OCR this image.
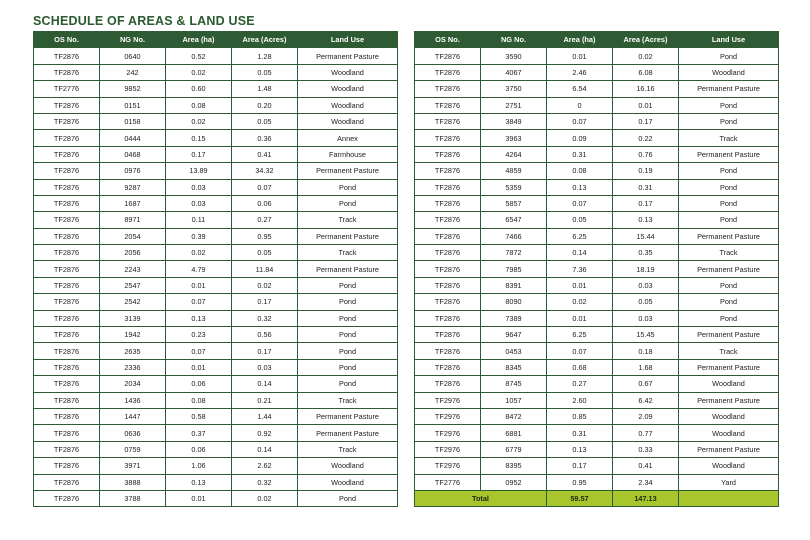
SCHEDULE OF AREAS & LAND USE
OS No.	NG No.	Area (ha)	Area (Acres)	Land Use
TF2876	0640	0.52	1.28	Permanent Pasture
TF2876	242	0.02	0.05	Woodland
TF2776	9852	0.60	1.48	Woodland
TF2876	0151	0.08	0.20	Woodland
TF2876	0158	0.02	0.05	Woodland
TF2876	0444	0.15	0.36	Annex
TF2876	0468	0.17	0.41	Farmhouse
TF2876	0976	13.89	34.32	Permanent Pasture
TF2876	9287	0.03	0.07	Pond
TF2876	1687	0.03	0.06	Pond
TF2876	8971	0.11	0.27	Track
TF2876	2054	0.39	0.95	Permanent Pasture
TF2876	2056	0.02	0.05	Track
TF2876	2243	4.79	11.84	Permanent Pasture
TF2876	2547	0.01	0.02	Pond
TF2876	2542	0.07	0.17	Pond
TF2876	3139	0.13	0.32	Pond
TF2876	1942	0.23	0.56	Pond
TF2876	2635	0.07	0.17	Pond
TF2876	2336	0.01	0.03	Pond
TF2876	2034	0.06	0.14	Pond
TF2876	1436	0.08	0.21	Track
TF2876	1447	0.58	1.44	Permanent Pasture
TF2876	0636	0.37	0.92	Permanent Pasture
TF2876	0759	0.06	0.14	Track
TF2876	3971	1.06	2.62	Woodland
TF2876	3888	0.13	0.32	Woodland
TF2876	3788	0.01	0.02	Pond
OS No.	NG No.	Area (ha)	Area (Acres)	Land Use
TF2876	3590	0.01	0.02	Pond
TF2876	4067	2.46	6.08	Woodland
TF2876	3750	6.54	16.16	Permanent Pasture
TF2876	2751	0	0.01	Pond
TF2876	3849	0.07	0.17	Pond
TF2876	3963	0.09	0.22	Track
TF2876	4264	0.31	0.76	Permanent Pasture
TF2876	4859	0.08	0.19	Pond
TF2876	5359	0.13	0.31	Pond
TF2876	5857	0.07	0.17	Pond
TF2876	6547	0.05	0.13	Pond
TF2876	7466	6.25	15.44	Permanent Pasture
TF2876	7872	0.14	0.35	Track
TF2876	7985	7.36	18.19	Permanent Pasture
TF2876	8391	0.01	0.03	Pond
TF2876	8090	0.02	0.05	Pond
TF2876	7389	0.01	0.03	Pond
TF2876	9647	6.25	15.45	Permanent Pasture
TF2876	0453	0.07	0.18	Track
TF2876	8345	0.68	1.68	Permanent Pasture
TF2876	8745	0.27	0.67	Woodland
TF2976	1057	2.60	6.42	Permanent Pasture
TF2976	8472	0.85	2.09	Woodland
TF2976	6881	0.31	0.77	Woodland
TF2976	6779	0.13	0.33	Permanent Pasture
TF2976	8395	0.17	0.41	Woodland
TF2776	0952	0.95	2.34	Yard
Total		59.57	147.13	
